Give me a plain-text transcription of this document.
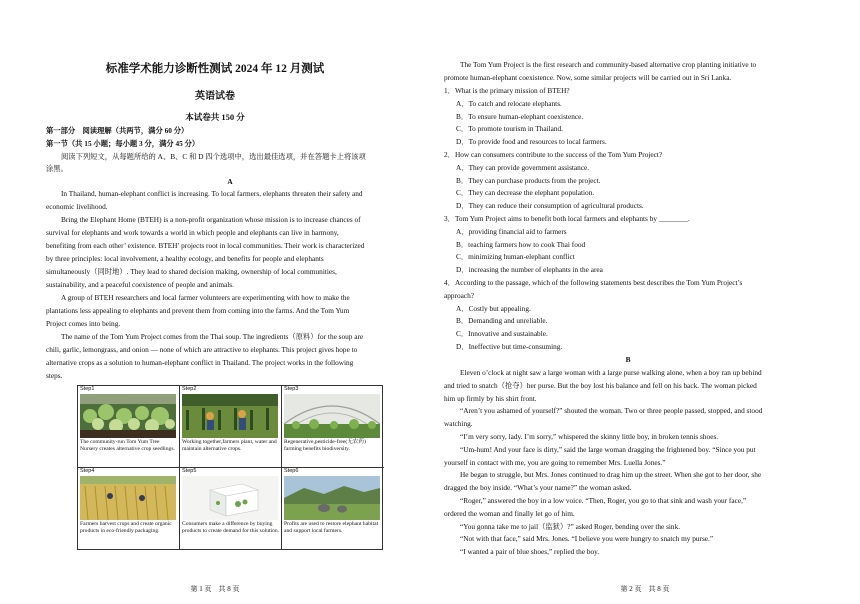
标准学术能力诊断性测试 2024 年 12 月测试
英语试卷
本试卷共 150 分
第一部分　阅读理解（共两节，满分 60 分）
第一节（共 15 小题；每小题 3 分，满分 45 分）
阅读下列短文，从每题所给的 A、B、C 和 D 四个选项中，选出最佳选项，并在答题卡上将该项
涂黑。
A
In Thailand, human-elephant conflict is increasing. To local farmers, elephants threaten their safety and
economic livelihood.
Bring the Elephant Home (BTEH) is a non-profit organization whose mission is to increase chances of
survival for elephants and work towards a world in which people and elephants can live in harmony,
benefiting from each other’ existence. BTEH’ projects root in local communities. Their work is characterized
by three principles: local involvement, a healthy ecology, and benefits for people and elephants
simultaneously（同时地）. They lead to shared decision making, ownership of local communities,
sustainability, and a peaceful coexistence of people and animals.
A group of BTEH researchers and local farmer volunteers are experimenting with how to make the
plantations less appealing to elephants and prevent them from coming into the farms. And the Tom Yum
Project comes into being.
The name of the Tom Yum Project comes from the Thai soup. The ingredients（原料）for the soup are
chili, garlic, lemongrass, and onion — none of which are attractive to elephants. This project gives hope to
alternative crops as a solution to human-elephant conflict in Thailand. The project works in the following
steps.
Step1
The community-run Tom Yum Tree Nursery creates alternative crop seedlings.
Step2
Working together,farmers plant, water and maintain alternative crops.
Step3
Regenerative,pesticide-free(无农药) farming benefits biodiversity.
Step4
Farmers harvest crops and create organic products in eco-friendly packaging.
Step5
Consumers make a difference by buying products to create demand for this solution.
Step6
Profits are used to restore elephant habitat and support local farmers.
第 1 页　共 8 页
The Tom Yum Project is the first research and community-based alternative crop planting initiative to
promote human-elephant coexistence. Now, some similar projects will be carried out in Sri Lanka.
1．What is the primary mission of BTEH?
A．To catch and relocate elephants.
B．To ensure human-elephant coexistence.
C．To promote tourism in Thailand.
D．To provide food and resources to local farmers.
2．How can consumers contribute to the success of the Tom Yum Project?
A．They can provide government assistance.
B．They can purchase products from the project.
C．They can decrease the elephant population.
D．They can reduce their consumption of agricultural products.
3．Tom Yum Project aims to benefit both local farmers and elephants by ________.
A．providing financial aid to farmers
B．teaching farmers how to cook Thai food
C．minimizing human-elephant conflict
D．increasing the number of elephants in the area
4．According to the passage, which of the following statements best describes the Tom Yum Project’s
approach?
A．Costly but appealing.
B．Demanding and unreliable.
C．Innovative and sustainable.
D．Ineffective but time-consuming.
B
Eleven o’clock at night saw a large woman with a large purse walking alone, when a boy ran up behind
and tried to snatch（抢夺）her purse. But the boy lost his balance and fell on his back. The woman picked
him up firmly by his shirt front.
“Aren’t you ashamed of yourself?” shouted the woman. Two or three people passed, stopped, and stood
watching.
“I’m very sorry, lady. I’m sorry,” whispered the skinny little boy, in broken tennis shoes.
“Um-hum! And your face is dirty,” said the large woman dragging the frightened boy. “Since you put
yourself in contact with me, you are going to remember Mrs. Luella Jones.”
He began to struggle, but Mrs. Jones continued to drag him up the street. When she got to her door, she
dragged the boy inside. “What’s your name?” the woman asked.
“Roger,” answered the boy in a low voice. “Then, Roger, you go to that sink and wash your face,”
ordered the woman and finally let go of him.
“You gonna take me to jail（监狱）?” asked Roger, bending over the sink.
“Not with that face,” said Mrs. Jones. “I believe you were hungry to snatch my purse.”
“I wanted a pair of blue shoes,” replied the boy.
第 2 页　共 8 页
